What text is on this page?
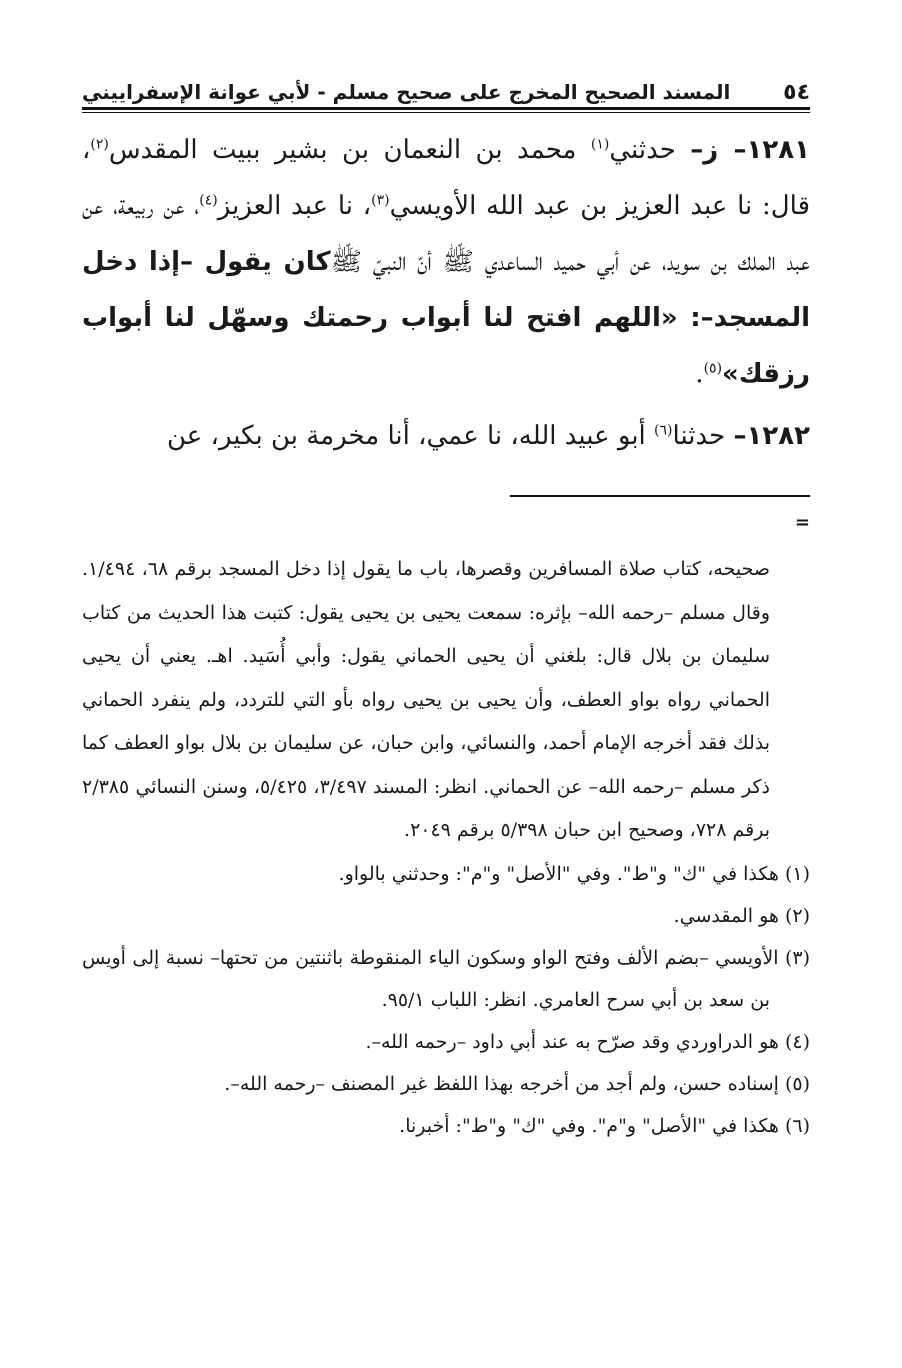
٥٤
المسند الصحيح المخرج على صحيح مسلم - لأبي عوانة الإسفراييني

١٢٨١– ز– حدثني$^{(١)}$ محمد بن النعمان بن بشير ببيت المقدس$^{(٢)}$، قال: نا عبد العزيز بن عبد الله الأويسي$^{(٣)}$، نا عبد العزيز$^{(٤)}$، عن ربيعة، عن عبد الملك بن سويد، عن أبي حميد الساعدي ﷺ أنّ النبيّ ﷺكان يقول –إذا دخل المسجد–: «اللهم افتح لنا أبواب رحمتك وسهّل لنا أبواب رزقك»$^{(٥)}$.

١٢٨٢– حدثنا$^{(٦)}$ أبو عبيد الله، نا عمي، أنا مخرمة بن بكير، عن

=

صحيحه، كتاب صلاة المسافرين وقصرها، باب ما يقول إذا دخل المسجد برقم ٦٨، ١/٤٩٤. وقال مسلم –رحمه الله– بإثره: سمعت يحيى بن يحيى يقول: كتبت هذا الحديث من كتاب سليمان بن بلال قال: بلغني أن يحيى الحماني يقول: وأبي أُسَيد. اهـ. يعني أن يحيى الحماني رواه بواو العطف، وأن يحيى بن يحيى رواه بأو التي للتردد، ولم ينفرد الحماني بذلك فقد أخرجه الإمام أحمد، والنسائي، وابن حبان، عن سليمان بن بلال بواو العطف كما ذكر مسلم –رحمه الله– عن الحماني. انظر: المسند ٣/٤٩٧، ٥/٤٢٥، وسنن النسائي ٢/٣٨٥ برقم ٧٢٨، وصحيح ابن حبان ٥/٣٩٨ برقم ٢٠٤٩.

(١) هكذا في "ك" و"ط". وفي "الأصل" و"م": وحدثني بالواو.

(٢) هو المقدسي.

(٣) الأويسي –بضم الألف وفتح الواو وسكون الياء المنقوطة باثنتين من تحتها– نسبة إلى أويس بن سعد بن أبي سرح العامري. انظر: اللباب ٩٥/١.

(٤) هو الدراوردي وقد صرّح به عند أبي داود –رحمه الله–.

(٥) إسناده حسن، ولم أجد من أخرجه بهذا اللفظ غير المصنف –رحمه الله–.

(٦) هكذا في "الأصل" و"م". وفي "ك" و"ط": أخبرنا.
